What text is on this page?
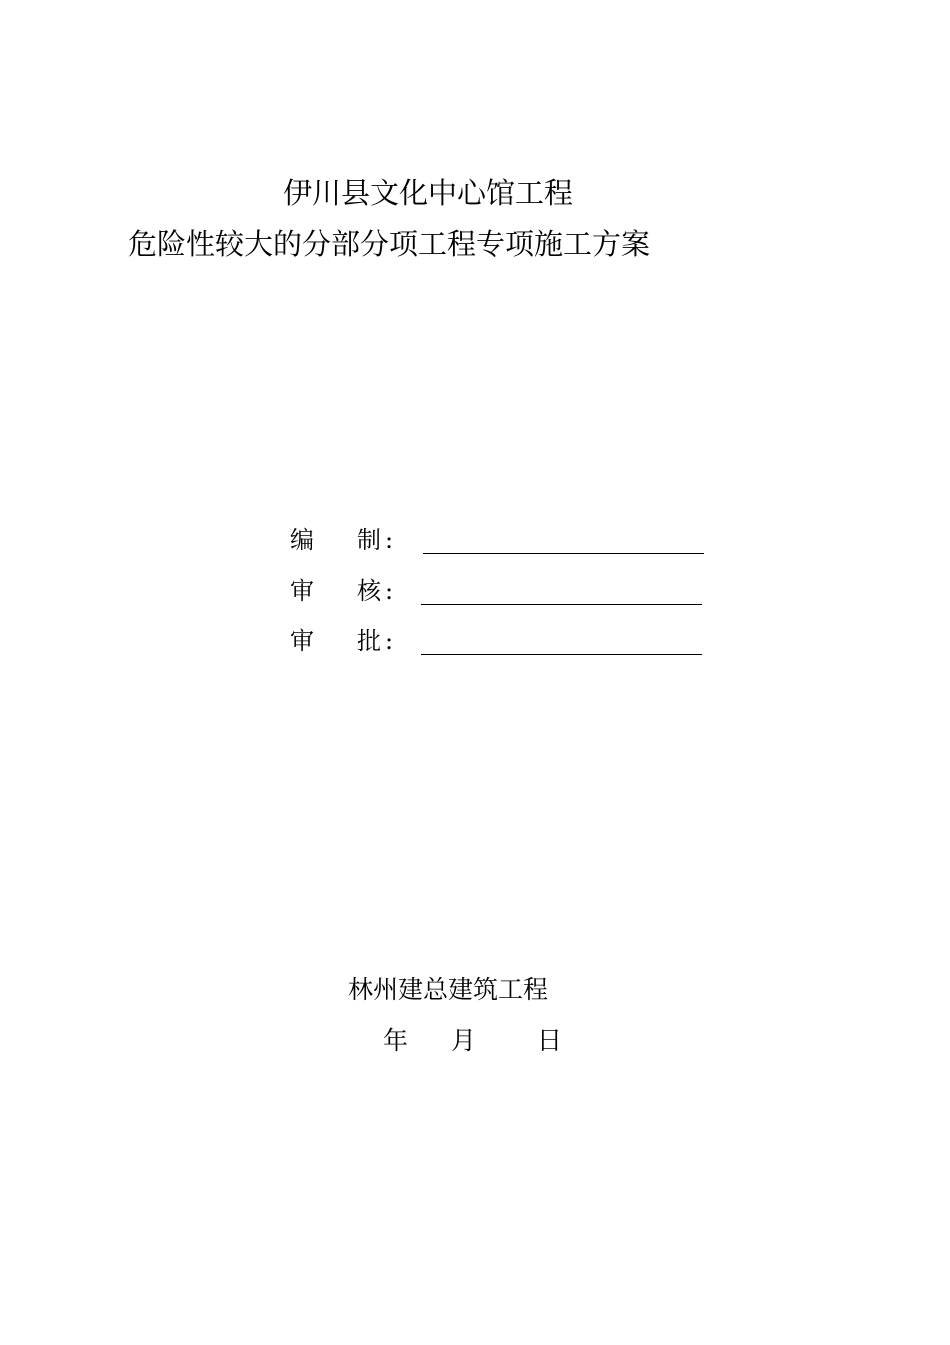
伊川县文化中心馆工程
危险性较大的分部分项工程专项施工方案
编 制 :
审 核 :
审 批 :
林州建总建筑工程
年 月 日
